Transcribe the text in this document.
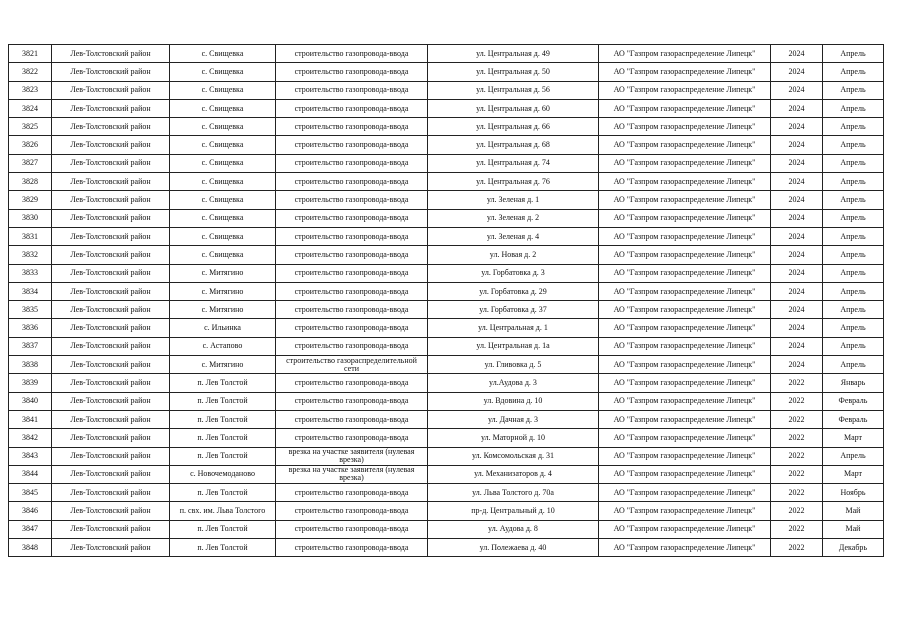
3821	Лев-Толстовский район	с. Свищевка	строительство газопровода-ввода	ул. Центральная д. 49	АО "Газпром газораспределение Липецк"	2024	Апрель
3822	Лев-Толстовский район	с. Свищевка	строительство газопровода-ввода	ул. Центральная д. 50	АО "Газпром газораспределение Липецк"	2024	Апрель
3823	Лев-Толстовский район	с. Свищевка	строительство газопровода-ввода	ул. Центральная д. 56	АО "Газпром газораспределение Липецк"	2024	Апрель
3824	Лев-Толстовский район	с. Свищевка	строительство газопровода-ввода	ул. Центральная д. 60	АО "Газпром газораспределение Липецк"	2024	Апрель
3825	Лев-Толстовский район	с. Свищевка	строительство газопровода-ввода	ул. Центральная д. 66	АО "Газпром газораспределение Липецк"	2024	Апрель
3826	Лев-Толстовский район	с. Свищевка	строительство газопровода-ввода	ул. Центральная д. 68	АО "Газпром газораспределение Липецк"	2024	Апрель
3827	Лев-Толстовский район	с. Свищевка	строительство газопровода-ввода	ул. Центральная д. 74	АО "Газпром газораспределение Липецк"	2024	Апрель
3828	Лев-Толстовский район	с. Свищевка	строительство газопровода-ввода	ул. Центральная д. 76	АО "Газпром газораспределение Липецк"	2024	Апрель
3829	Лев-Толстовский район	с. Свищевка	строительство газопровода-ввода	ул. Зеленая д. 1	АО "Газпром газораспределение Липецк"	2024	Апрель
3830	Лев-Толстовский район	с. Свищевка	строительство газопровода-ввода	ул. Зеленая д. 2	АО "Газпром газораспределение Липецк"	2024	Апрель
3831	Лев-Толстовский район	с. Свищевка	строительство газопровода-ввода	ул. Зеленая д. 4	АО "Газпром газораспределение Липецк"	2024	Апрель
3832	Лев-Толстовский район	с. Свищевка	строительство газопровода-ввода	ул. Новая д. 2	АО "Газпром газораспределение Липецк"	2024	Апрель
3833	Лев-Толстовский район	с. Митягино	строительство газопровода-ввода	ул. Горбатовка д. 3	АО "Газпром газораспределение Липецк"	2024	Апрель
3834	Лев-Толстовский район	с. Митягино	строительство газопровода-ввода	ул. Горбатовка д. 29	АО "Газпром газораспределение Липецк"	2024	Апрель
3835	Лев-Толстовский район	с. Митягино	строительство газопровода-ввода	ул. Горбатовка д. 37	АО "Газпром газораспределение Липецк"	2024	Апрель
3836	Лев-Толстовский район	с. Ильинка	строительство газопровода-ввода	ул. Центральная д. 1	АО "Газпром газораспределение Липецк"	2024	Апрель
3837	Лев-Толстовский район	с. Астапово	строительство газопровода-ввода	ул. Центральная д. 1а	АО "Газпром газораспределение Липецк"	2024	Апрель
3838	Лев-Толстовский район	с. Митягино	строительство газораспределительной сети	ул. Гливовка д. 5	АО "Газпром газораспределение Липецк"	2024	Апрель
3839	Лев-Толстовский район	п. Лев Толстой	строительство газопровода-ввода	ул.Аудова д. 3	АО "Газпром газораспределение Липецк"	2022	Январь
3840	Лев-Толстовский район	п. Лев Толстой	строительство газопровода-ввода	ул. Вдовина д. 10	АО "Газпром газораспределение Липецк"	2022	Февраль
3841	Лев-Толстовский район	п. Лев Толстой	строительство газопровода-ввода	ул. Дачная д. 3	АО "Газпром газораспределение Липецк"	2022	Февраль
3842	Лев-Толстовский район	п. Лев Толстой	строительство газопровода-ввода	ул. Маторной д. 10	АО "Газпром газораспределение Липецк"	2022	Март
3843	Лев-Толстовский район	п. Лев Толстой	врезка на участке заявителя (нулевая врезка)	ул. Комсомольская д. 31	АО "Газпром газораспределение Липецк"	2022	Апрель
3844	Лев-Толстовский район	с. Новочемоданово	врезка на участке заявителя (нулевая врезка)	ул. Механизаторов д. 4	АО "Газпром газораспределение Липецк"	2022	Март
3845	Лев-Толстовский район	п. Лев Толстой	строительство газопровода-ввода	ул. Льва Толстого д. 70а	АО "Газпром газораспределение Липецк"	2022	Ноябрь
3846	Лев-Толстовский район	п. свх. им. Льва Толстого	строительство газопровода-ввода	пр-д. Центральный д. 10	АО "Газпром газораспределение Липецк"	2022	Май
3847	Лев-Толстовский район	п. Лев Толстой	строительство газопровода-ввода	ул. Аудова д. 8	АО "Газпром газораспределение Липецк"	2022	Май
3848	Лев-Толстовский район	п. Лев Толстой	строительство газопровода-ввода	ул. Полежаева д. 40	АО "Газпром газораспределение Липецк"	2022	Декабрь
